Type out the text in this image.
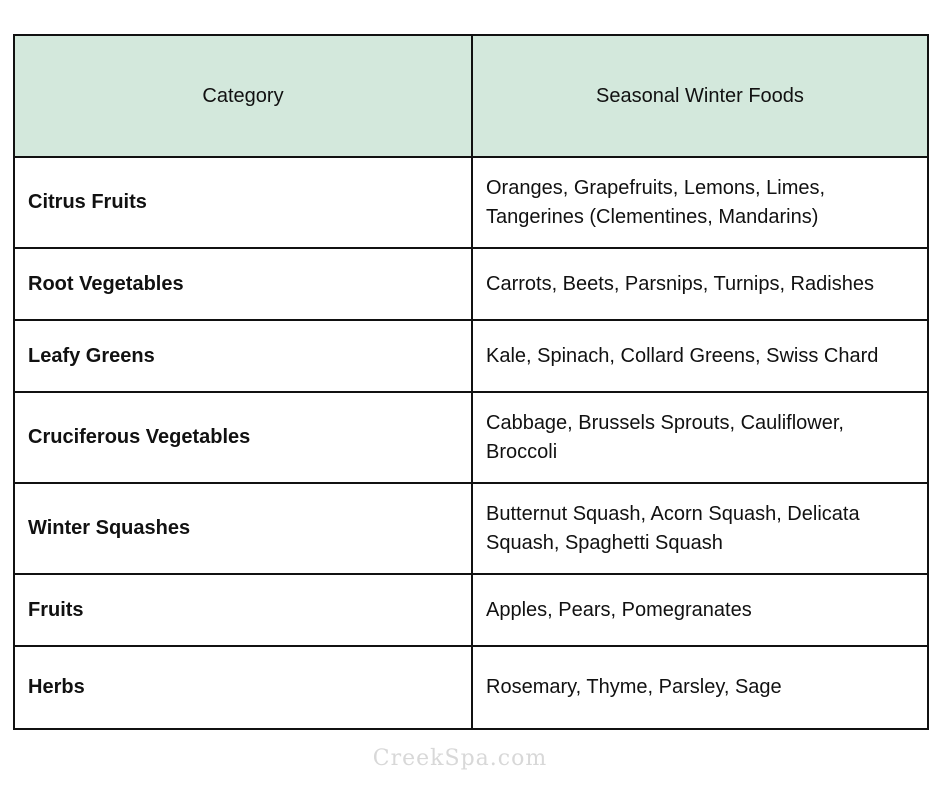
Category	Seasonal Winter Foods
Citrus Fruits	Oranges, Grapefruits, Lemons, Limes, Tangerines (Clementines, Mandarins)
Root Vegetables	Carrots, Beets, Parsnips, Turnips, Radishes
Leafy Greens	Kale, Spinach, Collard Greens, Swiss Chard
Cruciferous Vegetables	Cabbage, Brussels Sprouts, Cauliflower, Broccoli
Winter Squashes	Butternut Squash, Acorn Squash, Delicata Squash, Spaghetti Squash
Fruits	Apples, Pears, Pomegranates
Herbs	Rosemary, Thyme, Parsley, Sage
CreekSpa.com
